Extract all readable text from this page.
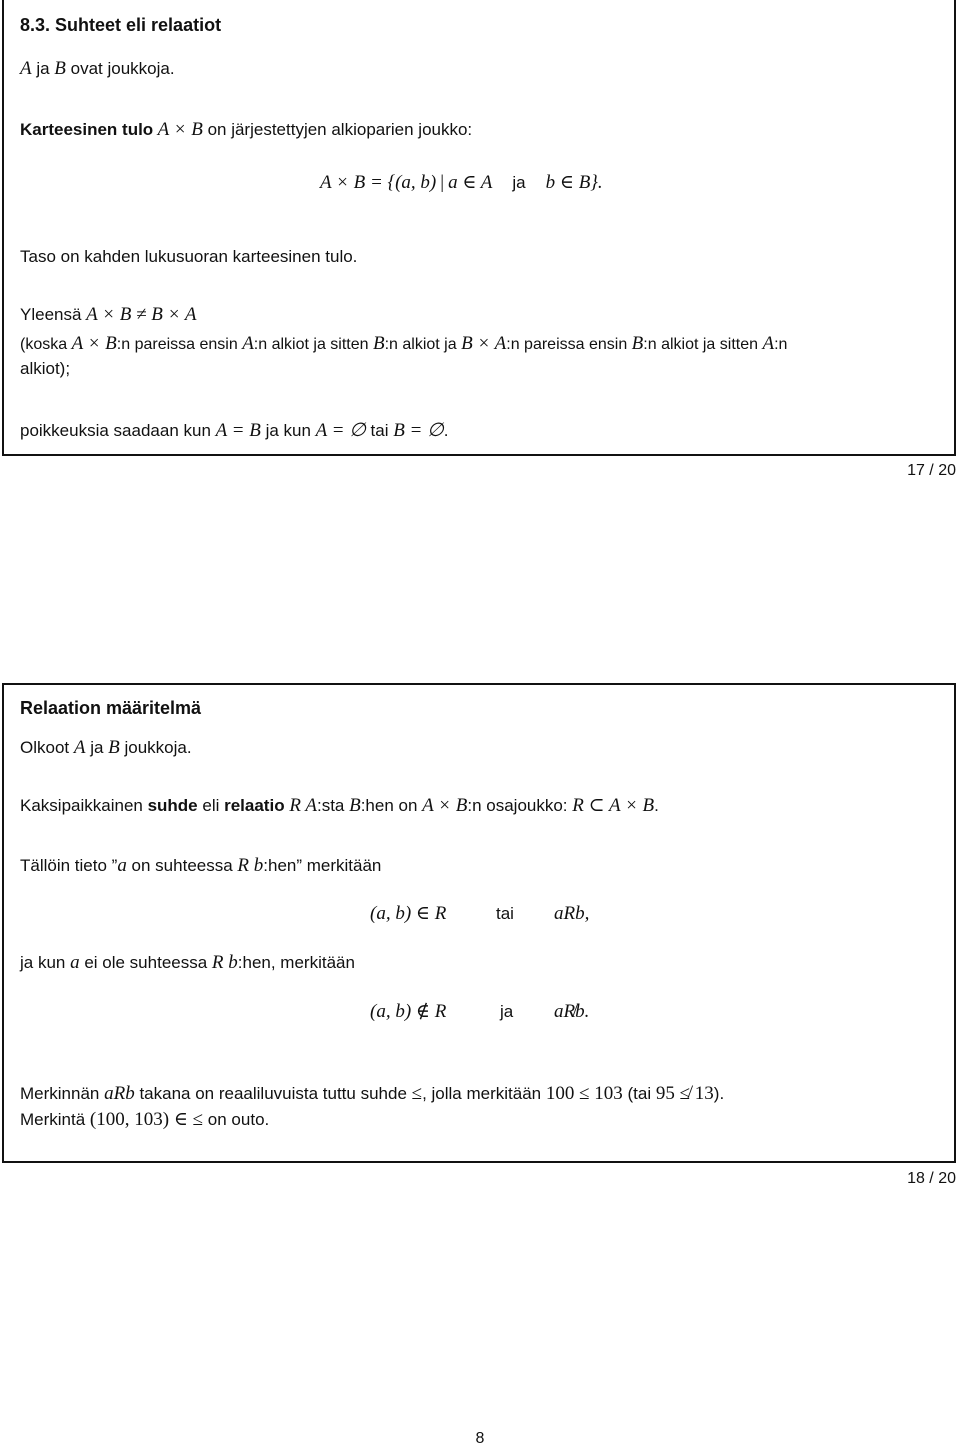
8.3. Suhteet eli relaatiot
A ja B ovat joukkoja.
Karteesinen tulo A × B on järjestettyjen alkioparien joukko:
A × B = {(a, b) | a ∈ A ja b ∈ B}.
Taso on kahden lukusuoran karteesinen tulo.
Yleensä A × B ≠ B × A
(koska A × B:n pareissa ensin A:n alkiot ja sitten B:n alkiot ja B × A:n pareissa ensin B:n alkiot ja sitten A:n
alkiot);
poikkeuksia saadaan kun A = B ja kun A = ∅ tai B = ∅.
17 / 20
Relaation määritelmä
Olkoot A ja B joukkoja.
Kaksipaikkainen suhde eli relaatio R A:sta B:hen on A × B:n osajoukko: R ⊂ A × B.
Tällöin tieto ”a on suhteessa R b:hen” merkitään
(a, b) ∈ R	tai aRb,
ja kun a ei ole suhteessa R b:hen, merkitään
(a, b) ∉ R	ja aR̸b.
Merkinnän aRb takana on reaaliluvuista tuttu suhde ≤, jolla merkitään 100 ≤ 103 (tai 95 ≰ 13).
Merkintä (100, 103) ∈ ≤ on outo.
18 / 20
8
